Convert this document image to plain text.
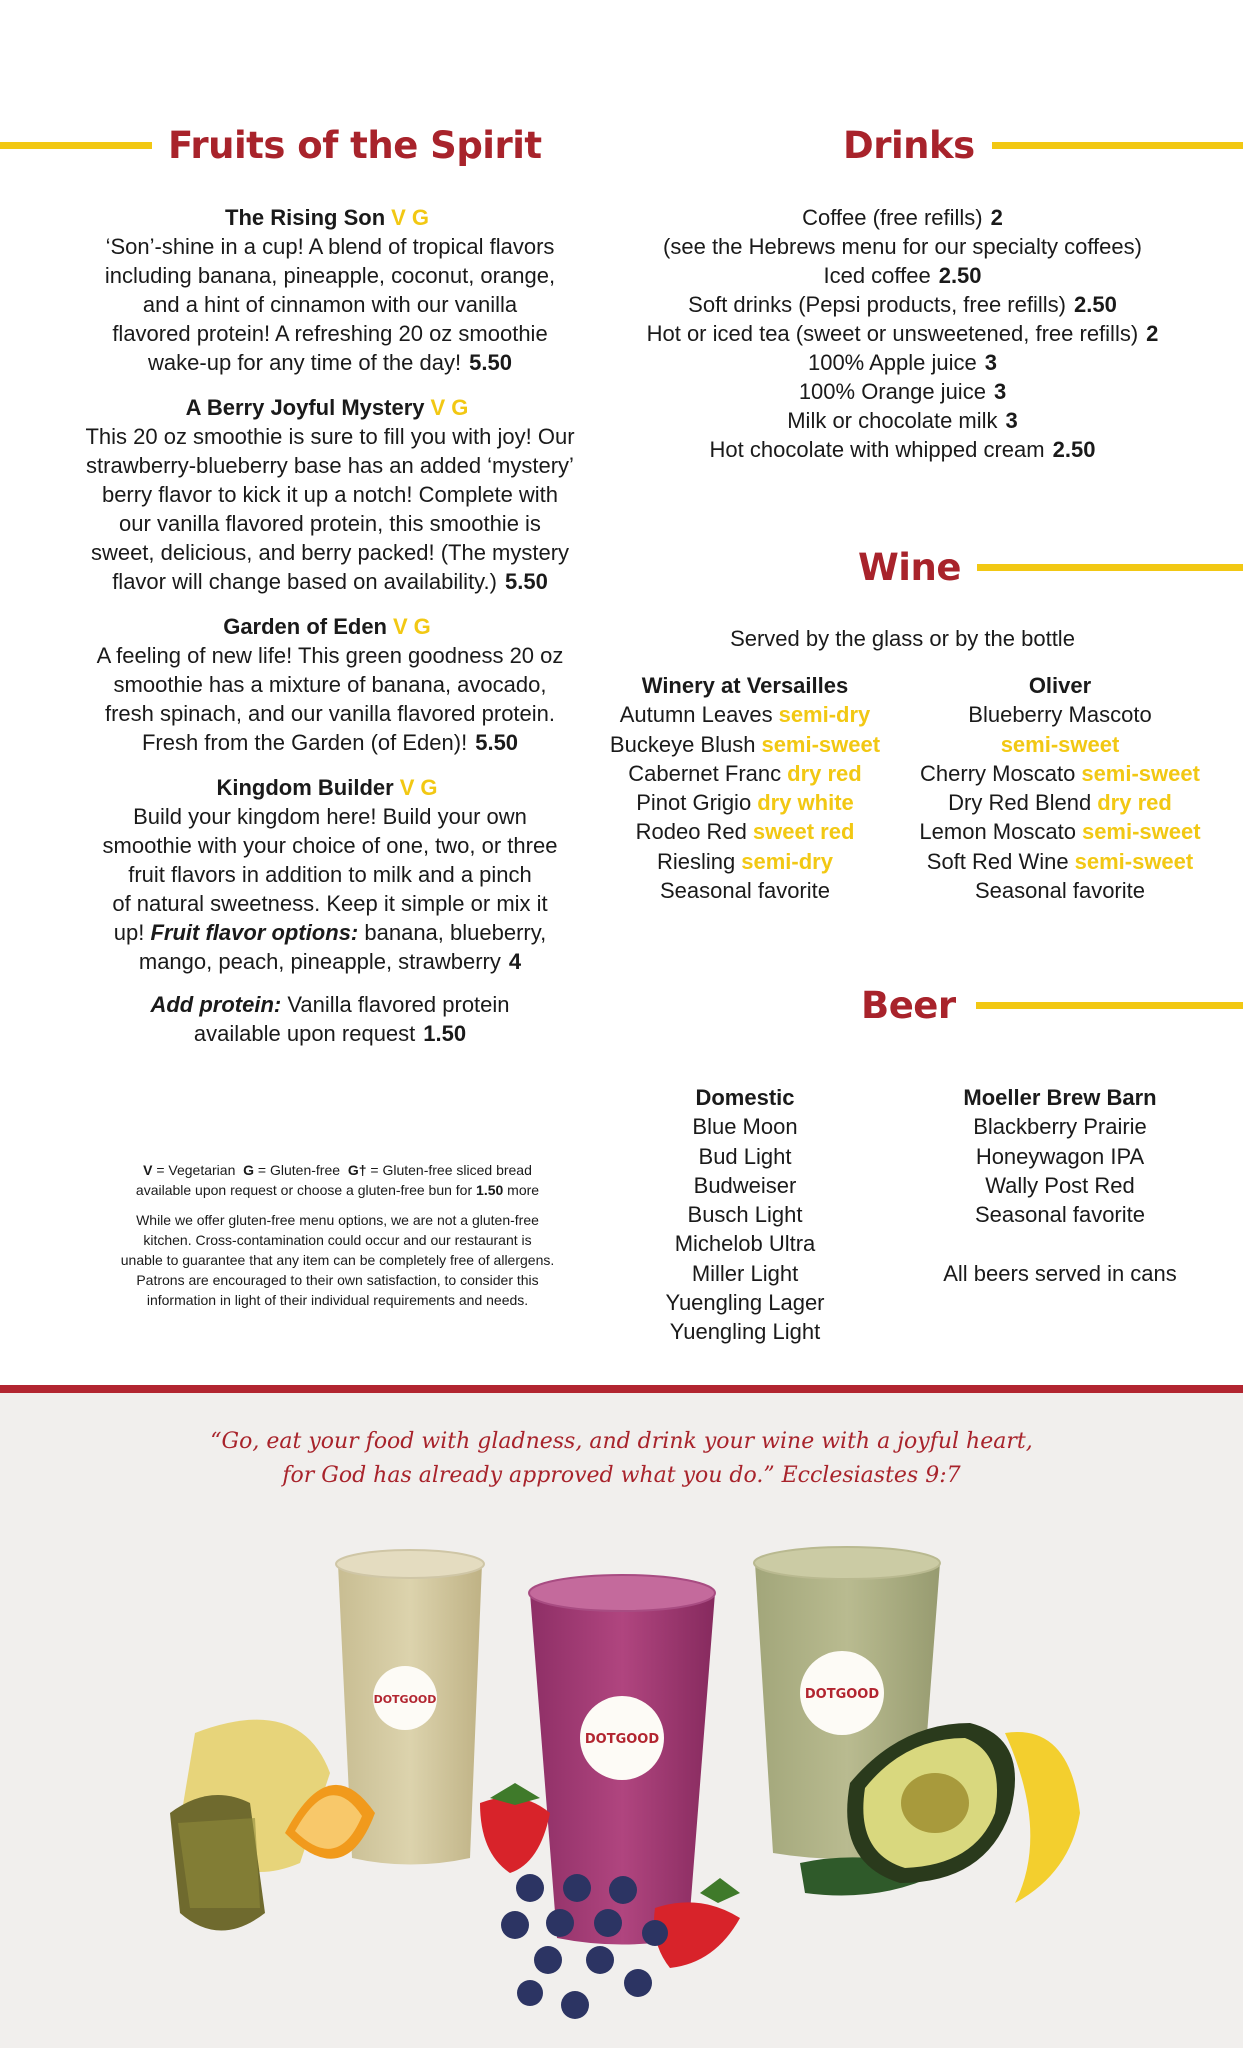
Fruits of the Spirit
The Rising Son VG
‘Son’-shine in a cup! A blend of tropical flavors
including banana, pineapple, coconut, orange,
and a hint of cinnamon with our vanilla
flavored protein! A refreshing 20 oz smoothie
wake-up for any time of the day! 5.50
A Berry Joyful Mystery VG
This 20 oz smoothie is sure to fill you with joy! Our
strawberry-blueberry base has an added ‘mystery’
berry flavor to kick it up a notch! Complete with
our vanilla flavored protein, this smoothie is
sweet, delicious, and berry packed! (The mystery
flavor will change based on availability.) 5.50
Garden of Eden VG
A feeling of new life! This green goodness 20 oz
smoothie has a mixture of banana, avocado,
fresh spinach, and our vanilla flavored protein.
Fresh from the Garden (of Eden)! 5.50
Kingdom Builder VG
Build your kingdom here! Build your own
smoothie with your choice of one, two, or three
fruit flavors in addition to milk and a pinch
of natural sweetness. Keep it simple or mix it
up! Fruit flavor options: banana, blueberry,
mango, peach, pineapple, strawberry 4
Add protein: Vanilla flavored protein
available upon request 1.50
V = Vegetarian G = Gluten-free G† = Gluten-free sliced bread
available upon request or choose a gluten-free bun for 1.50 more
While we offer gluten-free menu options, we are not a gluten-free
kitchen. Cross-contamination could occur and our restaurant is
unable to guarantee that any item can be completely free of allergens.
Patrons are encouraged to their own satisfaction, to consider this
information in light of their individual requirements and needs.
Drinks
Coffee (free refills) 2
(see the Hebrews menu for our specialty coffees)
Iced coffee 2.50
Soft drinks (Pepsi products, free refills) 2.50
Hot or iced tea (sweet or unsweetened, free refills) 2
100% Apple juice 3
100% Orange juice 3
Milk or chocolate milk 3
Hot chocolate with whipped cream 2.50
Wine
Served by the glass or by the bottle
Winery at Versailles
Autumn Leaves semi-dry
Buckeye Blush semi-sweet
Cabernet Franc dry red
Pinot Grigio dry white
Rodeo Red sweet red
Riesling semi-dry
Seasonal favorite
Oliver
Blueberry Mascoto
semi-sweet
Cherry Moscato semi-sweet
Dry Red Blend dry red
Lemon Moscato semi-sweet
Soft Red Wine semi-sweet
Seasonal favorite
Beer
Domestic
Blue Moon
Bud Light
Budweiser
Busch Light
Michelob Ultra
Miller Light
Yuengling Lager
Yuengling Light
Moeller Brew Barn
Blackberry Prairie
Honeywagon IPA
Wally Post Red
Seasonal favorite

All beers served in cans
DOTGOOD	DOTGOOD
DOTGOOD
“Go, eat your food with gladness, and drink your wine with a joyful heart,
for God has already approved what you do.” Ecclesiastes 9:7
